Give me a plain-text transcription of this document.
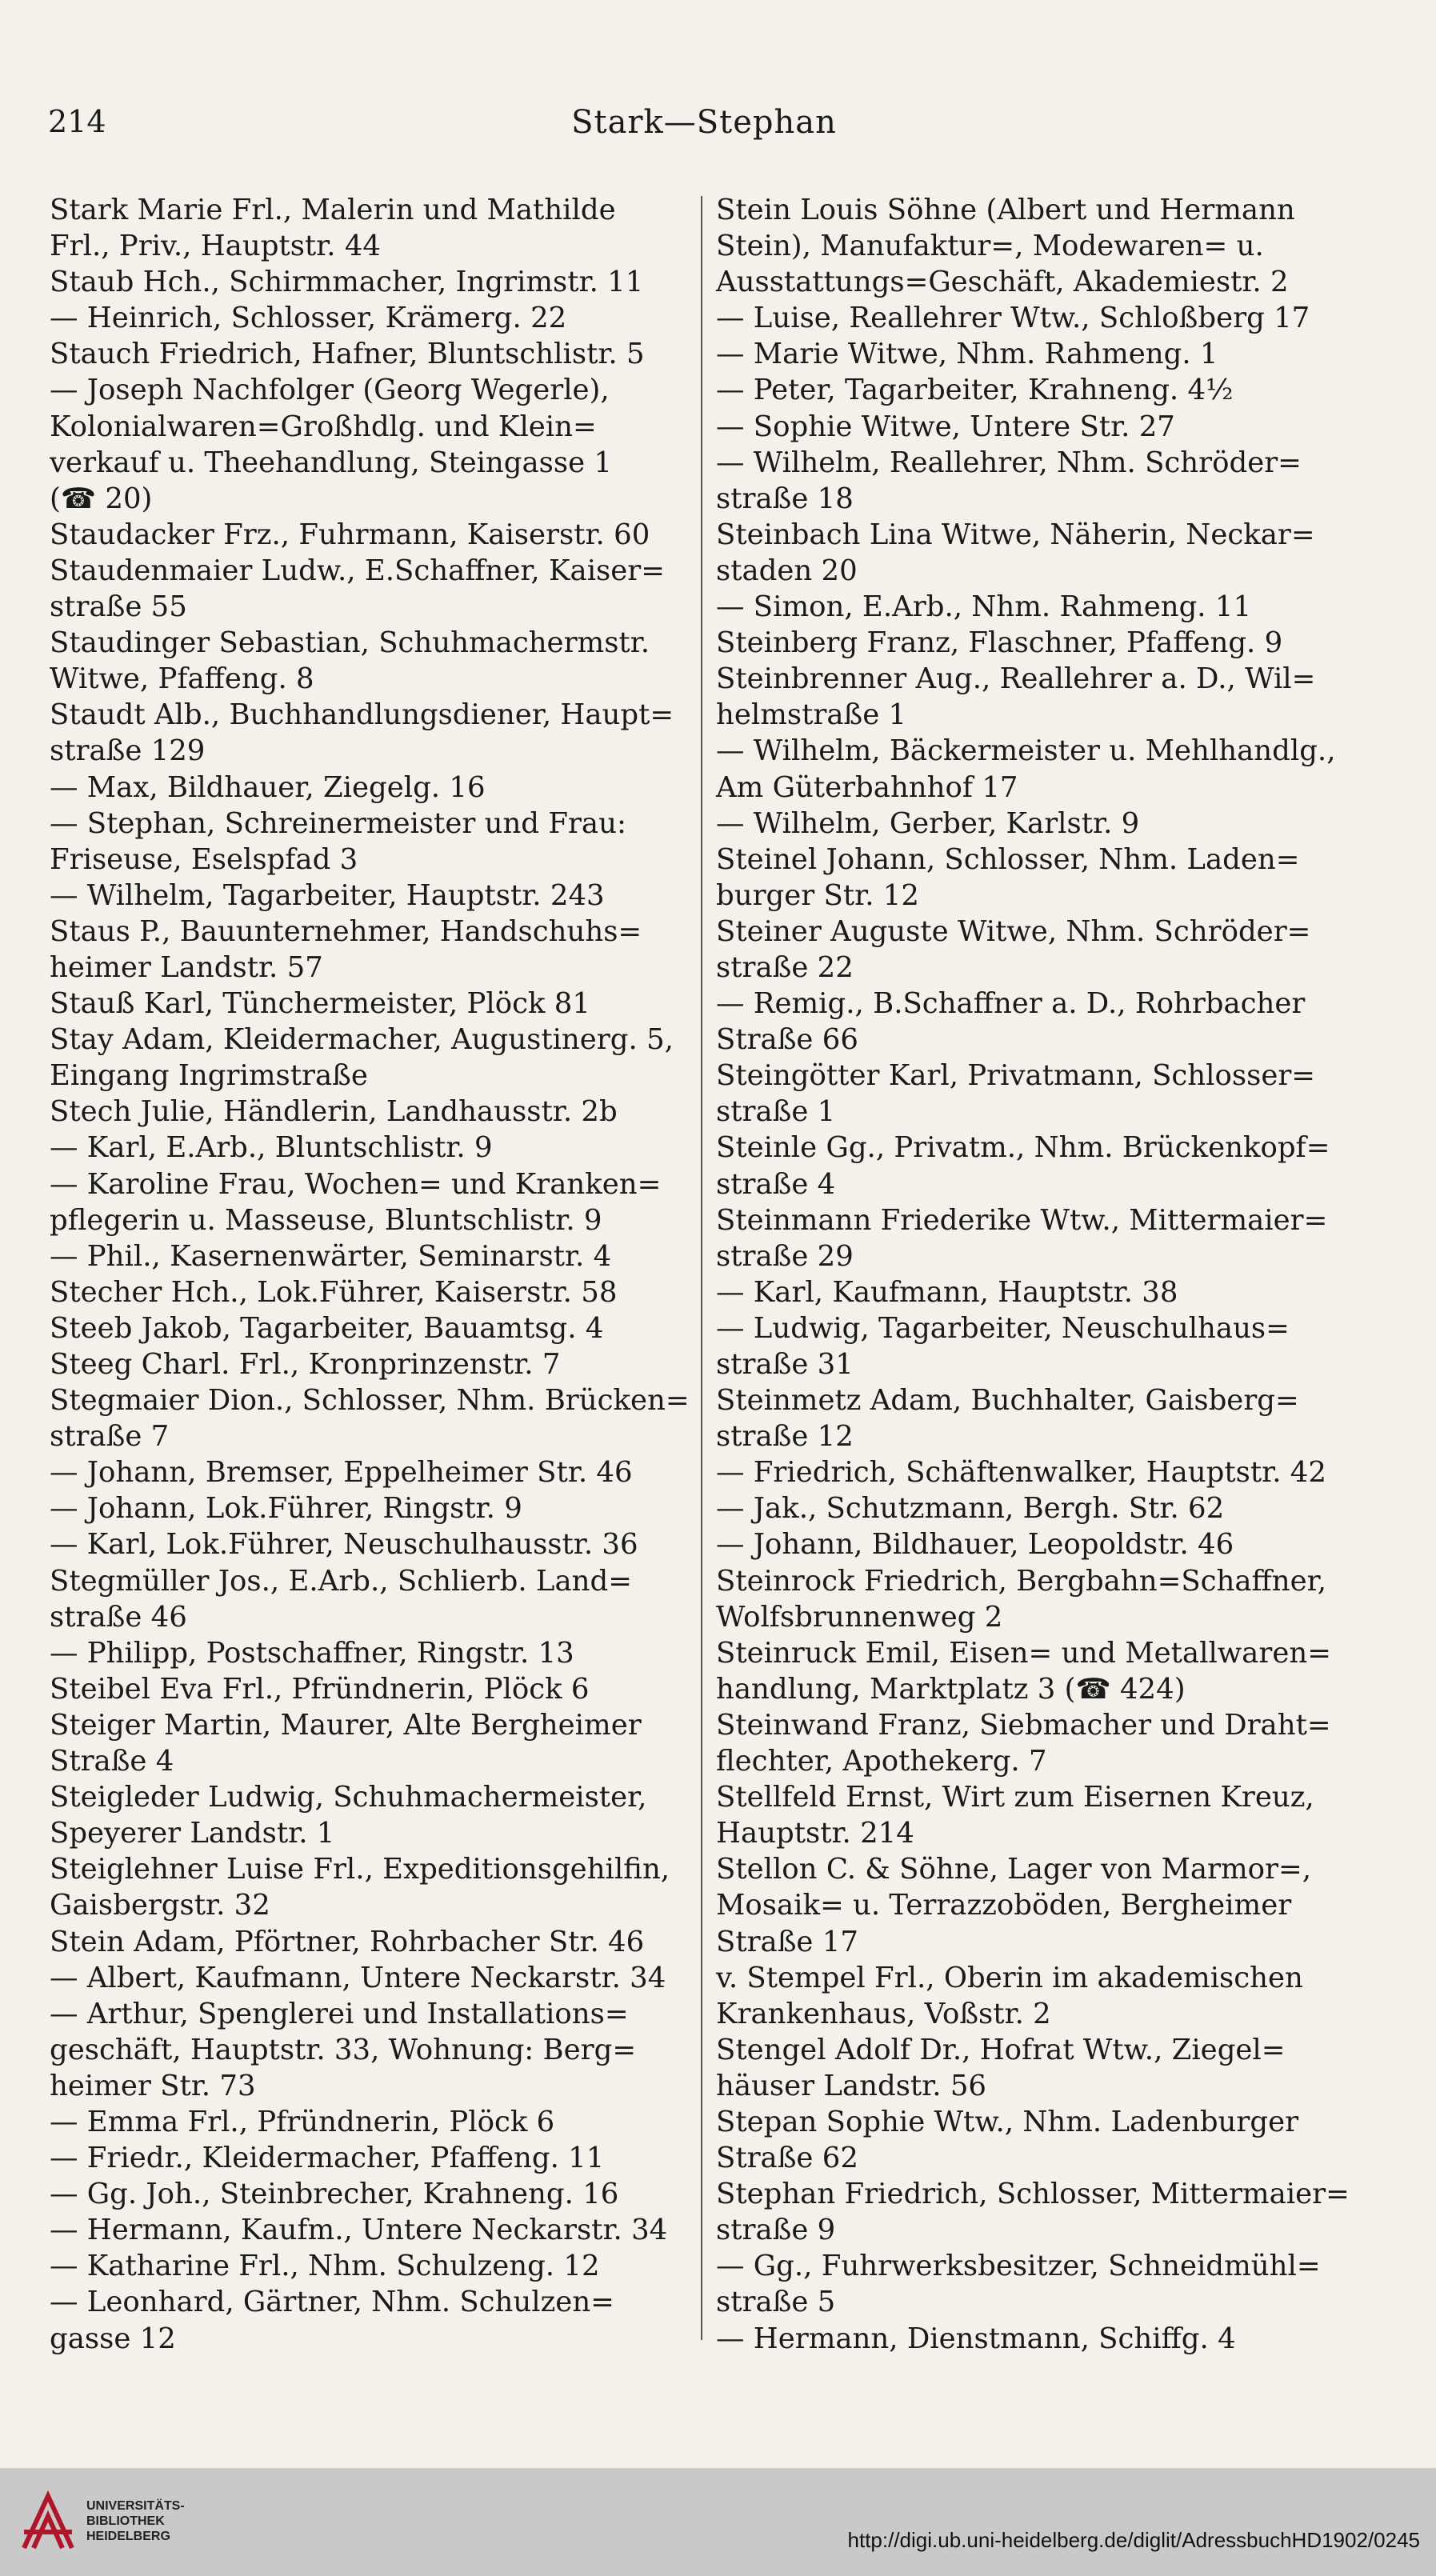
214	Stark—Stephan
Stark Marie Frl., Malerin und Mathilde
Frl., Priv., Hauptstr. 44
Staub Hch., Schirmmacher, Ingrimstr. 11
— Heinrich, Schlosser, Krämerg. 22
Stauch Friedrich, Hafner, Bluntschlistr. 5
— Joseph Nachfolger (Georg Wegerle),
Kolonialwaren=Großhdlg. und Klein=
verkauf u. Theehandlung, Steingasse 1
(☎ 20)
Staudacker Frz., Fuhrmann, Kaiserstr. 60
Staudenmaier Ludw., E.Schaffner, Kaiser=
straße 55
Staudinger Sebastian, Schuhmachermstr.
Witwe, Pfaffeng. 8
Staudt Alb., Buchhandlungsdiener, Haupt=
straße 129
— Max, Bildhauer, Ziegelg. 16
— Stephan, Schreinermeister und Frau:
Friseuse, Eselspfad 3
— Wilhelm, Tagarbeiter, Hauptstr. 243
Staus P., Bauunternehmer, Handschuhs=
heimer Landstr. 57
Stauß Karl, Tünchermeister, Plöck 81
Stay Adam, Kleidermacher, Augustinerg. 5,
Eingang Ingrimstraße
Stech Julie, Händlerin, Landhausstr. 2b
— Karl, E.Arb., Bluntschlistr. 9
— Karoline Frau, Wochen= und Kranken=
pflegerin u. Masseuse, Bluntschlistr. 9
— Phil., Kasernenwärter, Seminarstr. 4
Stecher Hch., Lok.Führer, Kaiserstr. 58
Steeb Jakob, Tagarbeiter, Bauamtsg. 4
Steeg Charl. Frl., Kronprinzenstr. 7
Stegmaier Dion., Schlosser, Nhm. Brücken=
straße 7
— Johann, Bremser, Eppelheimer Str. 46
— Johann, Lok.Führer, Ringstr. 9
— Karl, Lok.Führer, Neuschulhausstr. 36
Stegmüller Jos., E.Arb., Schlierb. Land=
straße 46
— Philipp, Postschaffner, Ringstr. 13
Steibel Eva Frl., Pfründnerin, Plöck 6
Steiger Martin, Maurer, Alte Bergheimer
Straße 4
Steigleder Ludwig, Schuhmachermeister,
Speyerer Landstr. 1
Steiglehner Luise Frl., Expeditionsgehilfin,
Gaisbergstr. 32
Stein Adam, Pförtner, Rohrbacher Str. 46
— Albert, Kaufmann, Untere Neckarstr. 34
— Arthur, Spenglerei und Installations=
geschäft, Hauptstr. 33, Wohnung: Berg=
heimer Str. 73
— Emma Frl., Pfründnerin, Plöck 6
— Friedr., Kleidermacher, Pfaffeng. 11
— Gg. Joh., Steinbrecher, Krahneng. 16
— Hermann, Kaufm., Untere Neckarstr. 34
— Katharine Frl., Nhm. Schulzeng. 12
— Leonhard, Gärtner, Nhm. Schulzen=
gasse 12
Stein Louis Söhne (Albert und Hermann
Stein), Manufaktur=, Modewaren= u.
Ausstattungs=Geschäft, Akademiestr. 2
— Luise, Reallehrer Wtw., Schloßberg 17
— Marie Witwe, Nhm. Rahmeng. 1
— Peter, Tagarbeiter, Krahneng. 4½
— Sophie Witwe, Untere Str. 27
— Wilhelm, Reallehrer, Nhm. Schröder=
straße 18
Steinbach Lina Witwe, Näherin, Neckar=
staden 20
— Simon, E.Arb., Nhm. Rahmeng. 11
Steinberg Franz, Flaschner, Pfaffeng. 9
Steinbrenner Aug., Reallehrer a. D., Wil=
helmstraße 1
— Wilhelm, Bäckermeister u. Mehlhandlg.,
Am Güterbahnhof 17
— Wilhelm, Gerber, Karlstr. 9
Steinel Johann, Schlosser, Nhm. Laden=
burger Str. 12
Steiner Auguste Witwe, Nhm. Schröder=
straße 22
— Remig., B.Schaffner a. D., Rohrbacher
Straße 66
Steingötter Karl, Privatmann, Schlosser=
straße 1
Steinle Gg., Privatm., Nhm. Brückenkopf=
straße 4
Steinmann Friederike Wtw., Mittermaier=
straße 29
— Karl, Kaufmann, Hauptstr. 38
— Ludwig, Tagarbeiter, Neuschulhaus=
straße 31
Steinmetz Adam, Buchhalter, Gaisberg=
straße 12
— Friedrich, Schäftenwalker, Hauptstr. 42
— Jak., Schutzmann, Bergh. Str. 62
— Johann, Bildhauer, Leopoldstr. 46
Steinrock Friedrich, Bergbahn=Schaffner,
Wolfsbrunnenweg 2
Steinruck Emil, Eisen= und Metallwaren=
handlung, Marktplatz 3 (☎ 424)
Steinwand Franz, Siebmacher und Draht=
flechter, Apothekerg. 7
Stellfeld Ernst, Wirt zum Eisernen Kreuz,
Hauptstr. 214
Stellon C. & Söhne, Lager von Marmor=,
Mosaik= u. Terrazzoböden, Bergheimer
Straße 17
v. Stempel Frl., Oberin im akademischen
Krankenhaus, Voßstr. 2
Stengel Adolf Dr., Hofrat Wtw., Ziegel=
häuser Landstr. 56
Stepan Sophie Wtw., Nhm. Ladenburger
Straße 62
Stephan Friedrich, Schlosser, Mittermaier=
straße 9
— Gg., Fuhrwerksbesitzer, Schneidmühl=
straße 5
— Hermann, Dienstmann, Schiffg. 4
UNIVERSITÄTS-
BIBLIOTHEK
HEIDELBERG	http://digi.ub.uni-heidelberg.de/diglit/AdressbuchHD1902/0245
